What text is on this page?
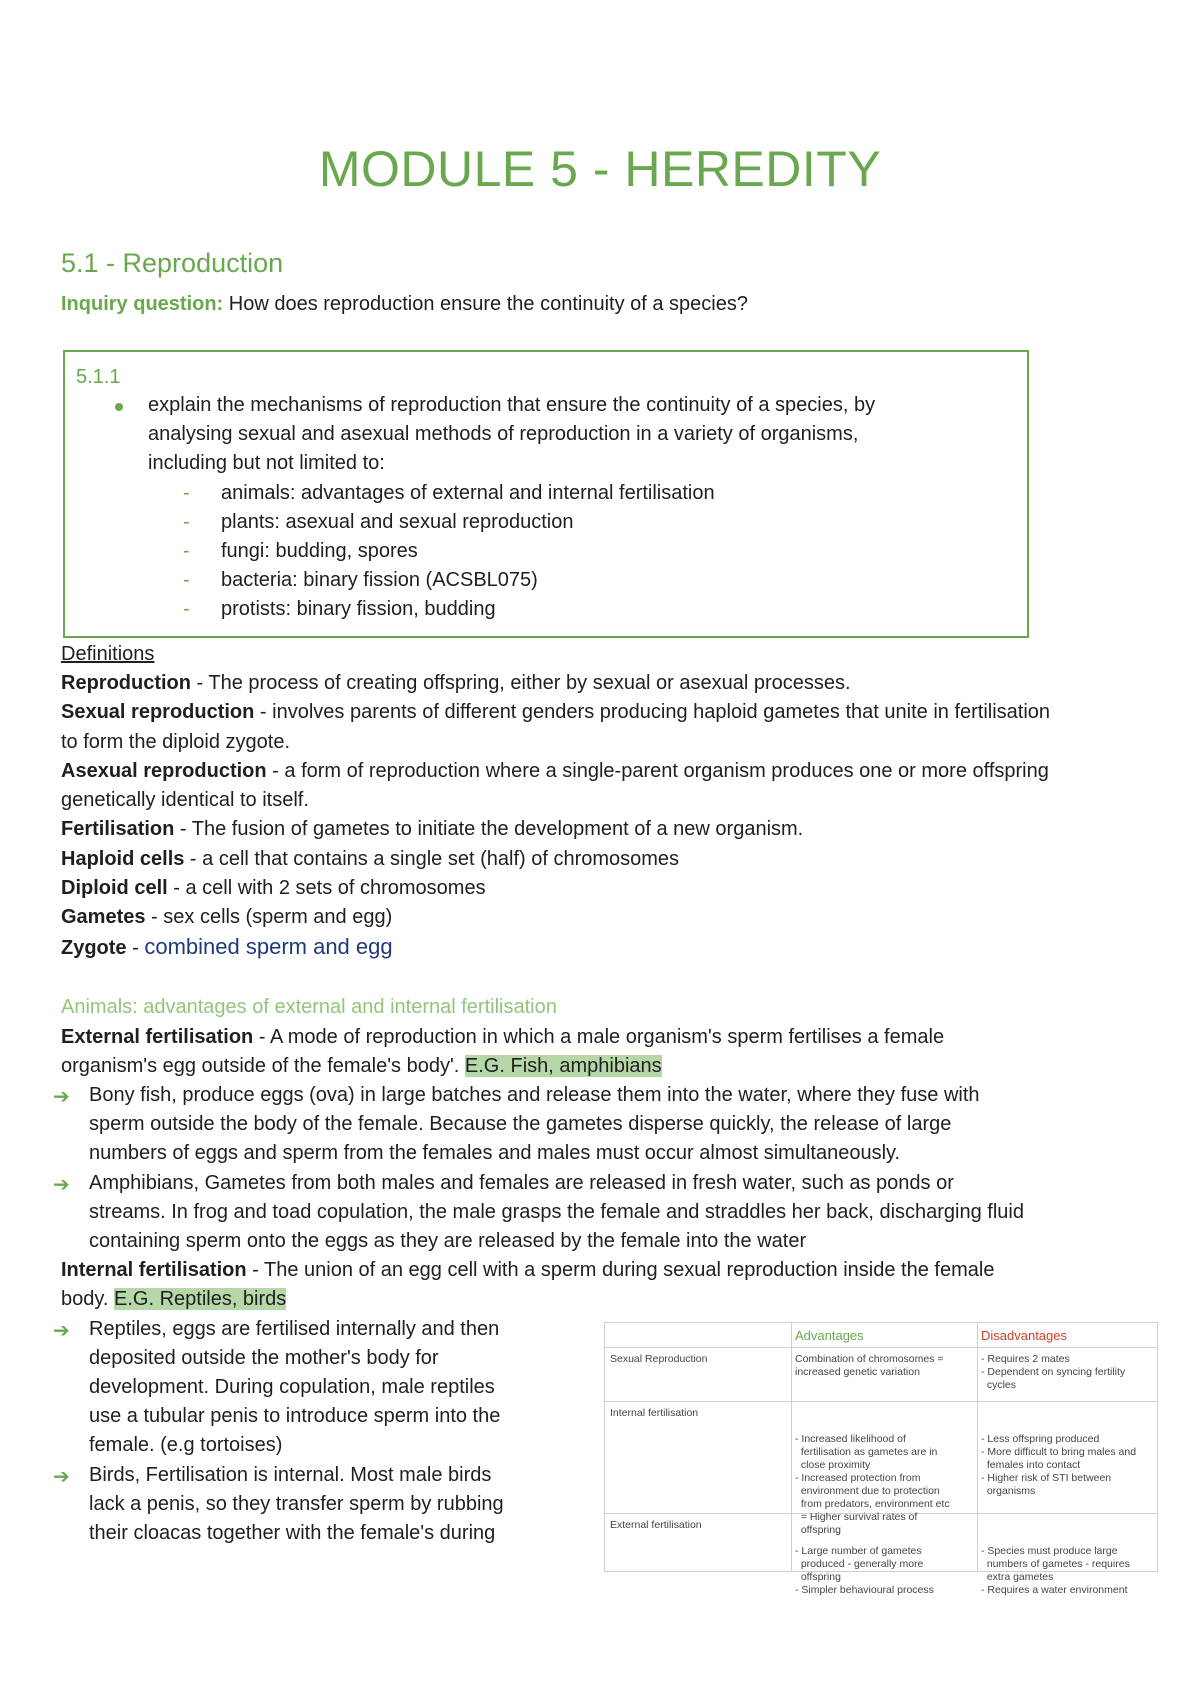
MODULE 5 - HEREDITY
5.1 - Reproduction
Inquiry question: How does reproduction ensure the continuity of a species?
5.1.1
explain the mechanisms of reproduction that ensure the continuity of a species, by
analysing sexual and asexual methods of reproduction in a variety of organisms,
including but not limited to:
- animals: advantages of external and internal fertilisation
- plants: asexual and sexual reproduction
- fungi: budding, spores
- bacteria: binary fission (ACSBL075)
- protists: binary fission, budding
Definitions
Reproduction - The process of creating offspring, either by sexual or asexual processes.
Sexual reproduction - involves parents of different genders producing haploid gametes that unite in fertilisation
to form the diploid zygote.
Asexual reproduction - a form of reproduction where a single-parent organism produces one or more offspring
genetically identical to itself.
Fertilisation - The fusion of gametes to initiate the development of a new organism.
Haploid cells - a cell that contains a single set (half) of chromosomes
Diploid cell - a cell with 2 sets of chromosomes
Gametes - sex cells (sperm and egg)
Zygote - combined sperm and egg
Animals: advantages of external and internal fertilisation
External fertilisation - A mode of reproduction in which a male organism's sperm fertilises a female
organism's egg outside of the female's body'. E.G. Fish, amphibians
➔ Bony fish, produce eggs (ova) in large batches and release them into the water, where they fuse with
sperm outside the body of the female. Because the gametes disperse quickly, the release of large
numbers of eggs and sperm from the females and males must occur almost simultaneously.
➔ Amphibians, Gametes from both males and females are released in fresh water, such as ponds or
streams. In frog and toad copulation, the male grasps the female and straddles her back, discharging fluid
containing sperm onto the eggs as they are released by the female into the water
Internal fertilisation - The union of an egg cell with a sperm during sexual reproduction inside the female
body. E.G. Reptiles, birds
➔ Reptiles, eggs are fertilised internally and then
deposited outside the mother's body for
development. During copulation, male reptiles
use a tubular penis to introduce sperm into the
female. (e.g tortoises)
➔ Birds, Fertilisation is internal. Most male birds
lack a penis, so they transfer sperm by rubbing
their cloacas together with the female's during
Advantages	Disadvantages
Sexual Reproduction	Combination of chromosomes =
increased genetic variation
- Requires 2 mates
- Dependent on syncing fertility
cycles
Internal fertilisation

- Increased likelihood of
fertilisation as gametes are in
close proximity
- Increased protection from
environment due to protection
from predators, environment etc
= Higher survival rates of
offspring

- Less offspring produced
- More difficult to bring males and
females into contact
- Higher risk of STI between
organisms

External fertilisation

- Large number of gametes
produced - generally more
offspring
- Simpler behavioural process

- Species must produce large
numbers of gametes - requires
extra gametes
- Requires a water environment
